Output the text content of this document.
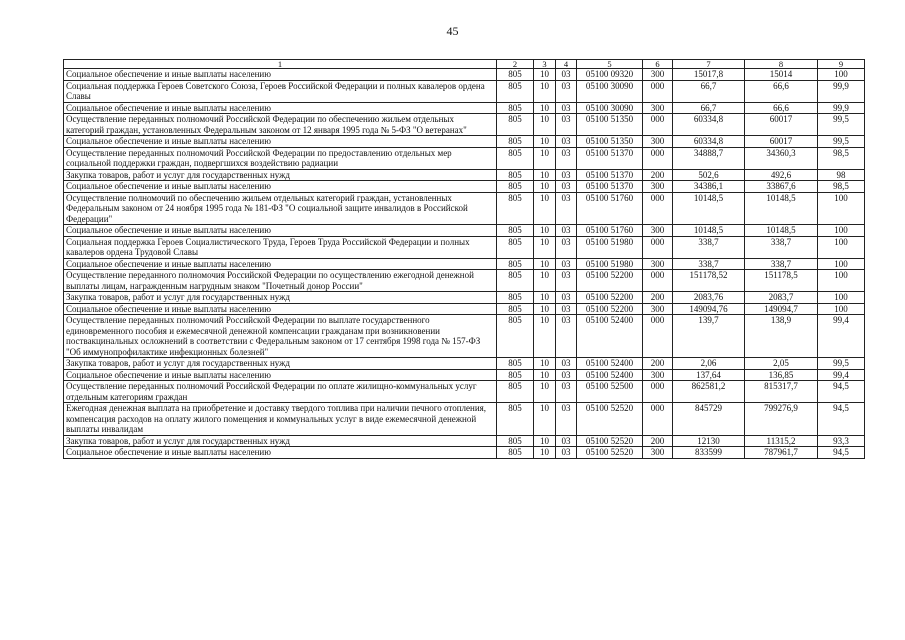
45
1	2	3	4	5	6	7	8	9
Социальное обеспечение и иные выплаты населению	805	10	03	05100 09320	300	15017,8	15014	100
Социальная поддержка Героев Советского Союза, Героев Российской Федерации и полных кавалеров ордена Славы	805	10	03	05100 30090	000	66,7	66,6	99,9
Социальное обеспечение и иные выплаты населению	805	10	03	05100 30090	300	66,7	66,6	99,9
Осуществление переданных полномочий Российской Федерации по обеспечению жильем отдельных категорий граждан, установленных Федеральным законом от 12 января 1995 года № 5-ФЗ "О ветеранах"	805	10	03	05100 51350	000	60334,8	60017	99,5
Социальное обеспечение и иные выплаты населению	805	10	03	05100 51350	300	60334,8	60017	99,5
Осуществление переданных полномочий Российской Федерации по предоставлению отдельных мер социальной поддержки граждан, подвергшихся воздействию радиации	805	10	03	05100 51370	000	34888,7	34360,3	98,5
Закупка товаров, работ и услуг для государственных нужд	805	10	03	05100 51370	200	502,6	492,6	98
Социальное обеспечение и иные выплаты населению	805	10	03	05100 51370	300	34386,1	33867,6	98,5
Осуществление полномочий по обеспечению жильем отдельных категорий граждан, установленных Федеральным законом от 24 ноября 1995 года № 181-ФЗ "О социальной защите инвалидов в Российской Федерации"	805	10	03	05100 51760	000	10148,5	10148,5	100
Социальное обеспечение и иные выплаты населению	805	10	03	05100 51760	300	10148,5	10148,5	100
Социальная поддержка Героев Социалистического Труда, Героев Труда Российской Федерации и полных кавалеров ордена Трудовой Славы	805	10	03	05100 51980	000	338,7	338,7	100
Социальное обеспечение и иные выплаты населению	805	10	03	05100 51980	300	338,7	338,7	100
Осуществление переданного полномочия Российской Федерации по осуществлению ежегодной денежной выплаты лицам, награжденным нагрудным знаком "Почетный донор России"	805	10	03	05100 52200	000	151178,52	151178,5	100
Закупка товаров, работ и услуг для государственных нужд	805	10	03	05100 52200	200	2083,76	2083,7	100
Социальное обеспечение и иные выплаты населению	805	10	03	05100 52200	300	149094,76	149094,7	100
Осуществление переданных полномочий Российской Федерации по выплате государственного единовременного пособия и ежемесячной денежной компенсации гражданам при возникновении поствакцинальных осложнений в соответствии с Федеральным законом от 17 сентября 1998 года № 157-ФЗ "Об иммунопрофилактике инфекционных болезней"	805	10	03	05100 52400	000	139,7	138,9	99,4
Закупка товаров, работ и услуг для государственных нужд	805	10	03	05100 52400	200	2,06	2,05	99,5
Социальное обеспечение и иные выплаты населению	805	10	03	05100 52400	300	137,64	136,85	99,4
Осуществление переданных полномочий Российской Федерации по оплате жилищно-коммунальных услуг отдельным категориям граждан	805	10	03	05100 52500	000	862581,2	815317,7	94,5
Ежегодная денежная выплата на приобретение и доставку твердого топлива при наличии печного отопления, компенсация расходов на оплату жилого помещения и коммунальных услуг в виде ежемесячной денежной выплаты инвалидам	805	10	03	05100 52520	000	845729	799276,9	94,5
Закупка товаров, работ и услуг для государственных нужд	805	10	03	05100 52520	200	12130	11315,2	93,3
Социальное обеспечение и иные выплаты населению	805	10	03	05100 52520	300	833599	787961,7	94,5
